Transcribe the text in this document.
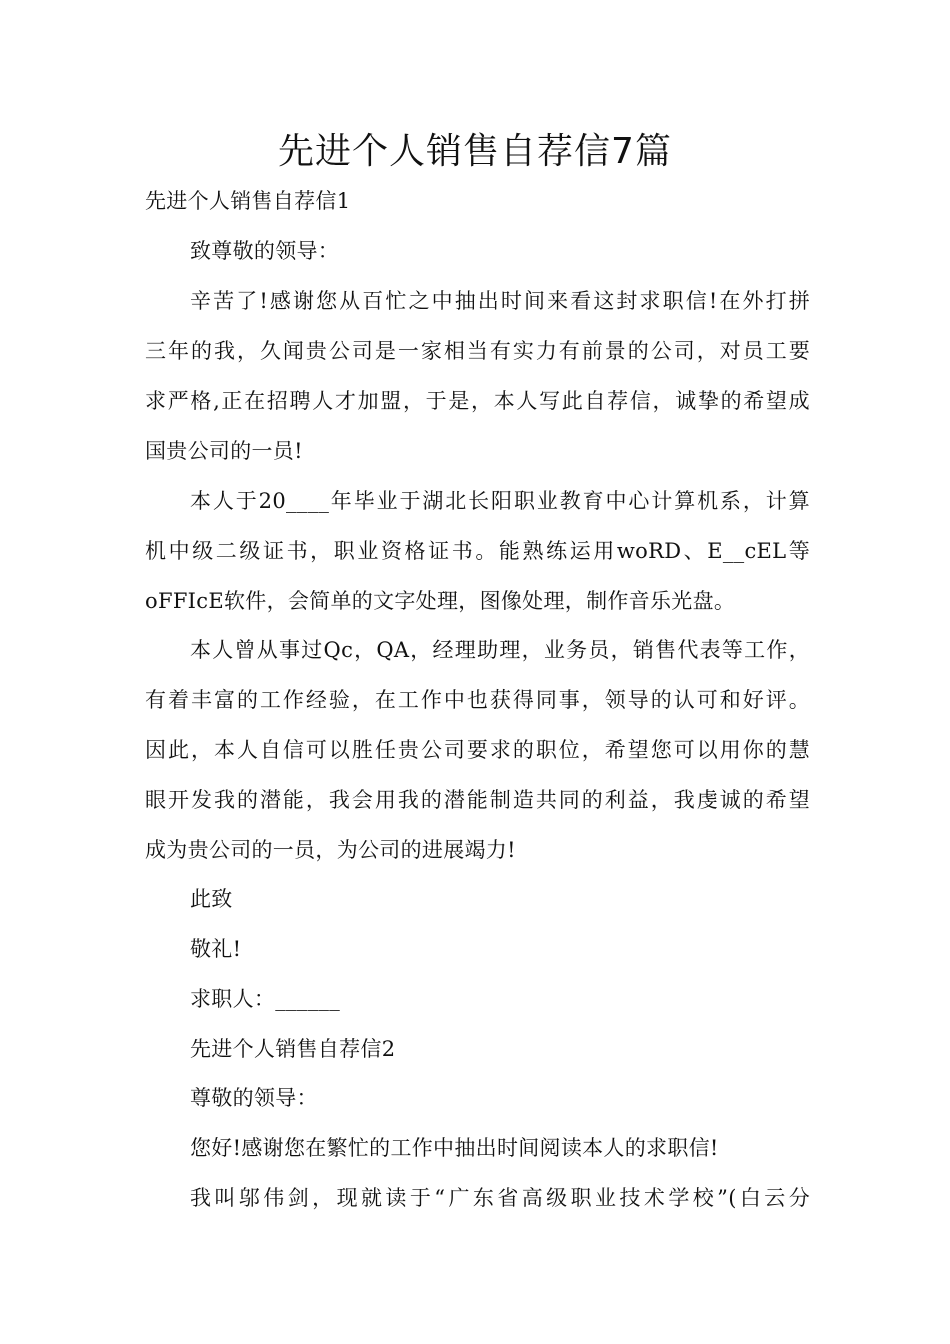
先进个人销售自荐信7篇
先进个人销售自荐信1
致尊敬的领导：
辛苦了!感谢您从百忙之中抽出时间来看这封求职信!在外打拼
三年的我，久闻贵公司是一家相当有实力有前景的公司，对员工要
求严格,正在招聘人才加盟，于是，本人写此自荐信，诚挚的希望成
国贵公司的一员!
本人于20____年毕业于湖北长阳职业教育中心计算机系，计算
机中级二级证书，职业资格证书。能熟练运用woRD、E__cEL等
oFFIcE软件，会简单的文字处理，图像处理，制作音乐光盘。
本人曾从事过Qc，QA，经理助理，业务员，销售代表等工作，
有着丰富的工作经验，在工作中也获得同事，领导的认可和好评。
因此，本人自信可以胜任贵公司要求的职位，希望您可以用你的慧
眼开发我的潜能，我会用我的潜能制造共同的利益，我虔诚的希望
成为贵公司的一员，为公司的进展竭力!
此致
敬礼!
求职人：______
先进个人销售自荐信2
尊敬的领导：
您好!感谢您在繁忙的工作中抽出时间阅读本人的求职信!
我叫邬伟剑，现就读于“广东省高级职业技术学校”(白云分
